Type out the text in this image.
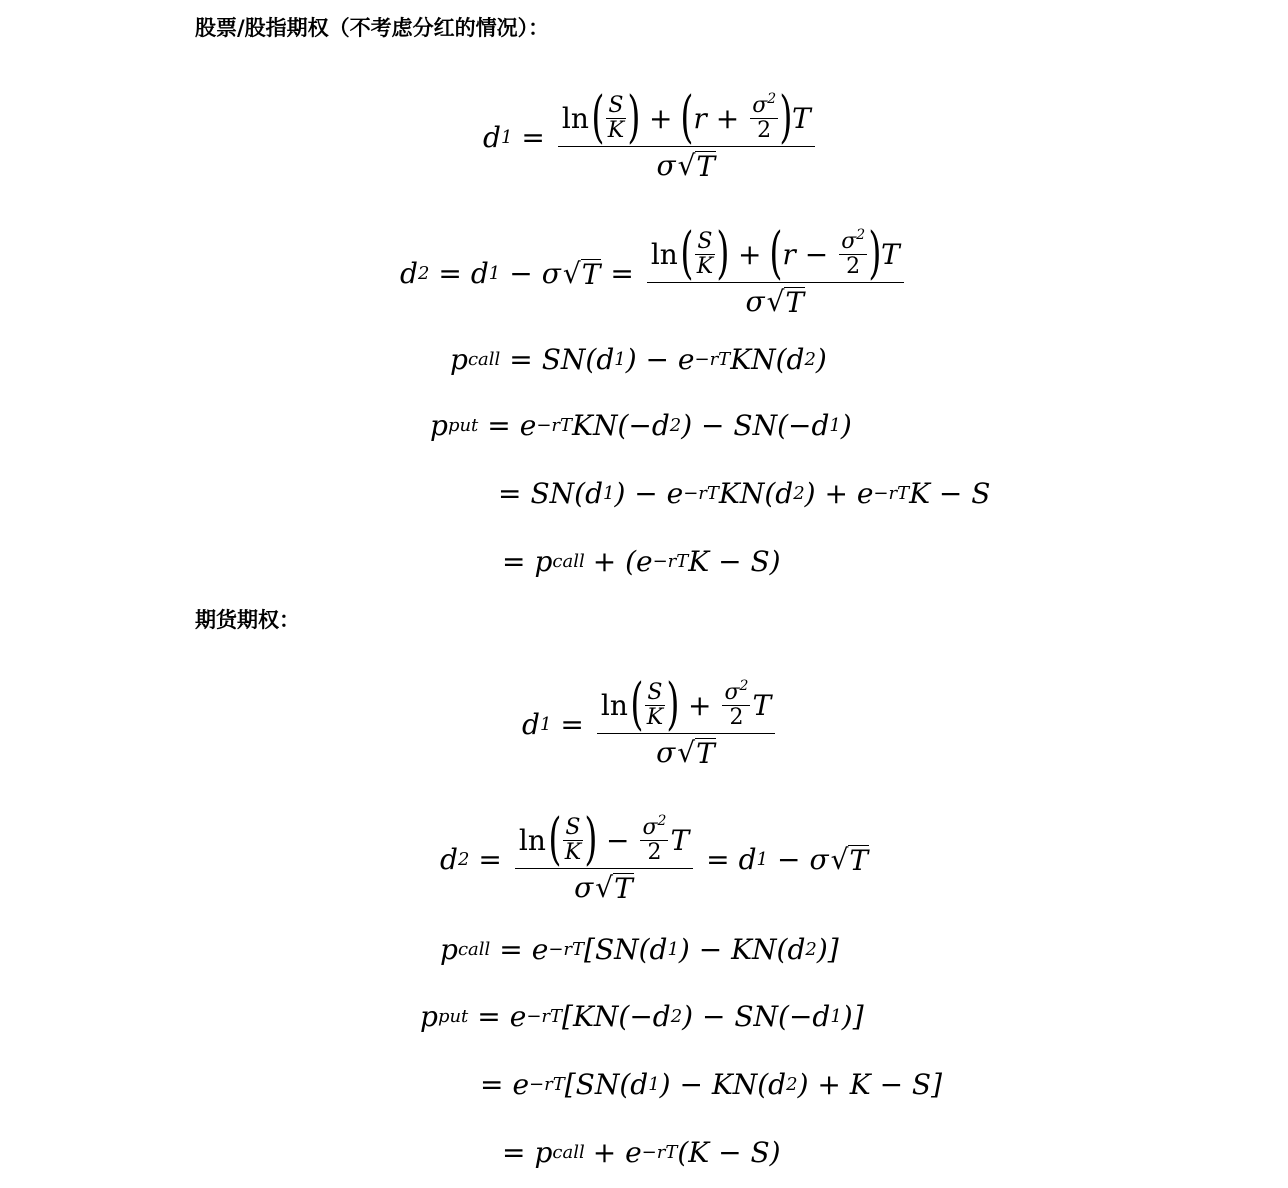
股票/股指期权（不考虑分红的情况）：
d 1 =
ln ( S
K ) + ( $r + \sigma^2$
2 ) T
σ √ T
d 2 = d 1 − σ √ T =
ln ( S
K ) + ( $r - \sigma^2$
2 ) T
σ √ T
p call = SN(d 1 ) − e −rT KN(d 2 )
p put = e −rT KN(−d 2 ) − SN(−d 1 )
= SN(d 1 ) − e −rT KN(d 2 ) + e −rT K − S
= p call + (e −rT K − S)
期货期权：
d 1 = ln ( S
K ) + $\sigma^2$
2 T
σ √ T
d 2 = ln ( S
K ) − $\sigma^2$
2 T
σ √ T = d 1 − σ √ T
p call = e −rT [SN(d 1 ) − KN(d 2 )]
p put = e −rT [KN(−d 2 ) − SN(−d 1 )]
= e −rT [SN(d 1 ) − KN(d 2 ) + K − S]
= p call + e −rT (K − S)
